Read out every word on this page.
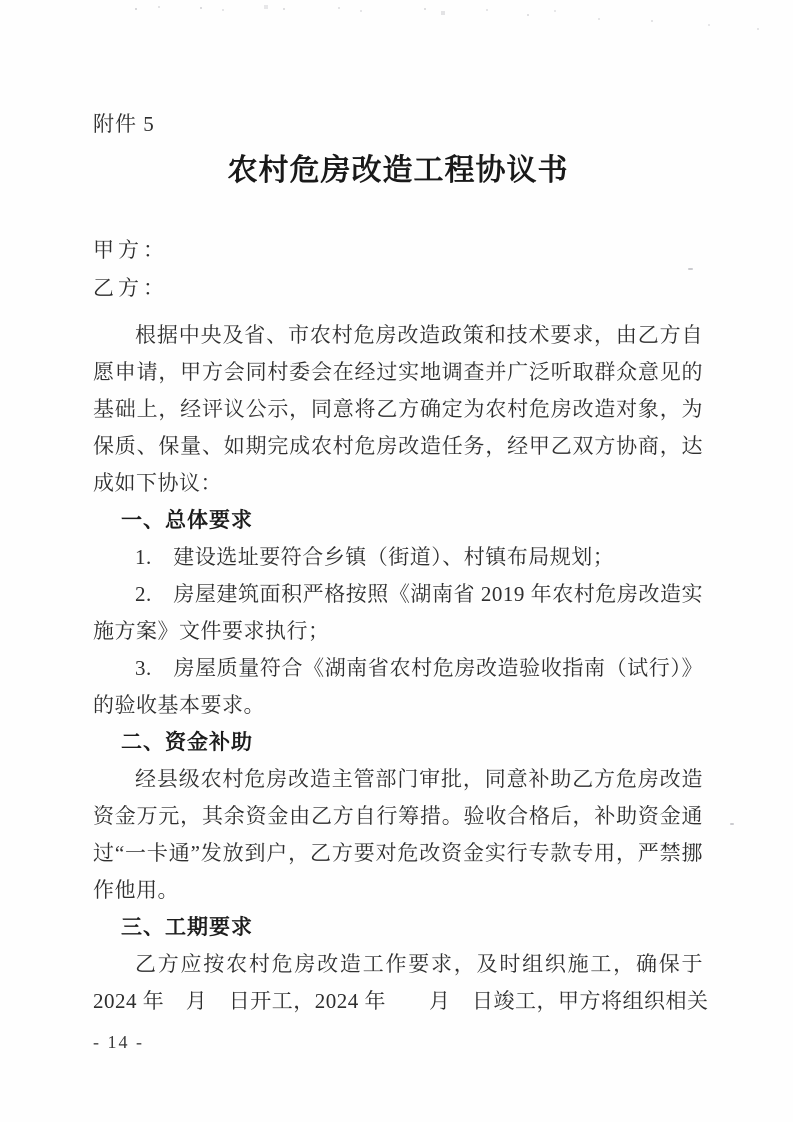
附件 5
农村危房改造工程协议书
甲方：
乙方：

根据中央及省、市农村危房改造政策和技术要求，由乙方自愿申请，甲方会同村委会在经过实地调查并广泛听取群众意见的基础上，经评议公示，同意将乙方确定为农村危房改造对象，为保质、保量、如期完成农村危房改造任务，经甲乙双方协商，达成如下协议：

一、总体要求

1.　建设选址要符合乡镇（街道）、村镇布局规划；

2.　房屋建筑面积严格按照《湖南省 2019 年农村危房改造实施方案》文件要求执行；

3.　房屋质量符合《湖南省农村危房改造验收指南（试行）》的验收基本要求。

二、资金补助

经县级农村危房改造主管部门审批，同意补助乙方危房改造资金万元，其余资金由乙方自行筹措。验收合格后，补助资金通过“一卡通”发放到户，乙方要对危改资金实行专款专用，严禁挪作他用。

三、工期要求

乙方应按农村危房改造工作要求，及时组织施工，确保于

2024 年　月　日开工，2024 年　　月　日竣工，甲方将组织相关

- 14 -
